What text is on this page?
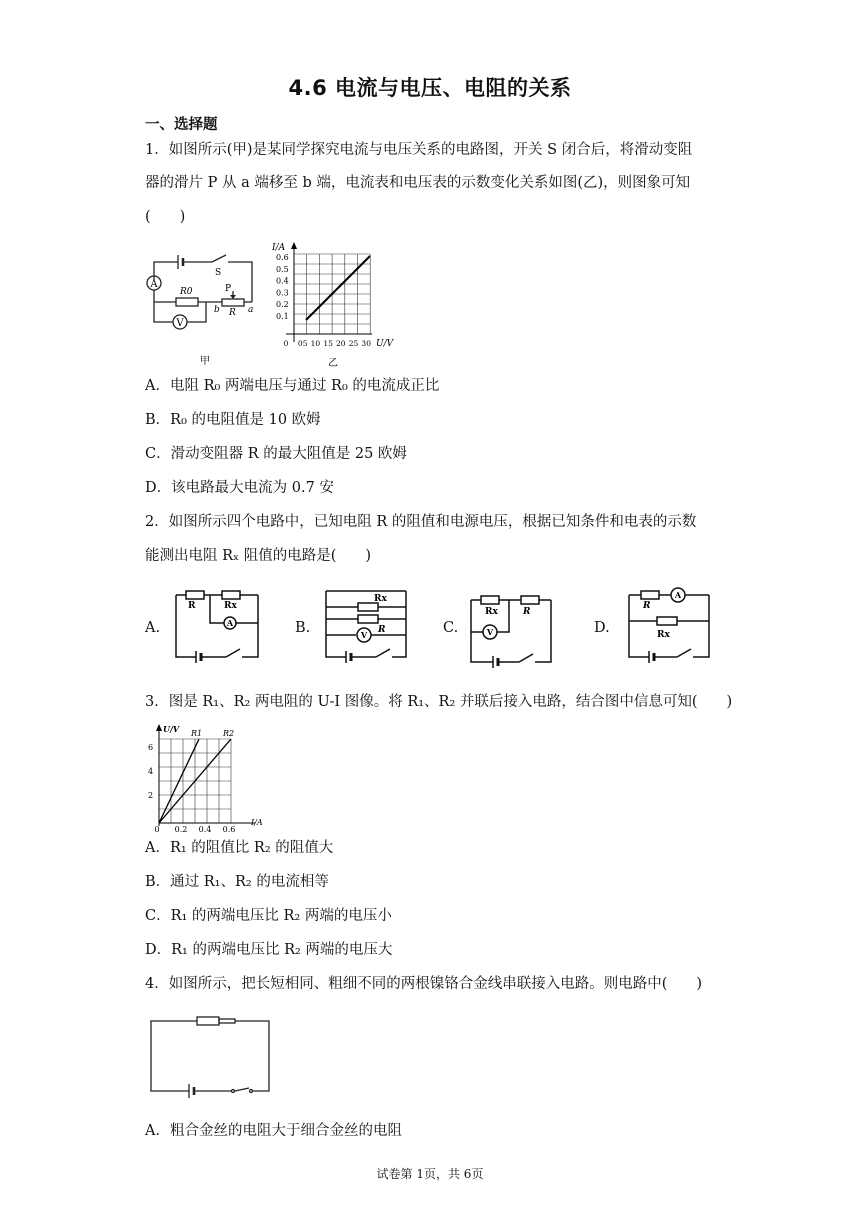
4.6 电流与电压、电阻的关系
一、选择题
1．如图所示(甲)是某同学探究电流与电压关系的电路图，开关 S 闭合后，将滑动变阻
器的滑片 P 从 a 端移至 b 端，电流表和电压表的示数变化关系如图(乙)，则图象可知
(　　)
A
V
R0
S
P
R a
b
甲
I/A
U/V
0.6
0.5
0.4
0.3
0.2
0.1
0 05 10 15 20 25 30
乙
A．电阻 R₀ 两端电压与通过 R₀ 的电流成正比
B．R₀ 的电阻值是 10 欧姆
C．滑动变阻器 R 的最大阻值是 25 欧姆
D．该电路最大电流为 0.7 安
2．如图所示四个电路中，已知电阻 R 的阻值和电源电压，根据已知条件和电表的示数
能测出电阻 Rₓ 阻值的电路是(　　)
A.
R	Rx
A	B.
Rx
R
V	C.
Rx	R
V	D.
R
A
Rx
3．图是 R₁、R₂ 两电阻的 U-I 图像。将 R₁、R₂ 并联后接入电路，结合图中信息可知(　　)
U/V
I/A
R1	R2
6
4
2
0 0.2 0.4 0.6
A．R₁ 的阻值比 R₂ 的阻值大
B．通过 R₁、R₂ 的电流相等
C．R₁ 的两端电压比 R₂ 两端的电压小
D．R₁ 的两端电压比 R₂ 两端的电压大
4．如图所示，把长短相同、粗细不同的两根镍铬合金线串联接入电路。则电路中(　　)
A．粗合金丝的电阻大于细合金丝的电阻
试卷第 1页，共 6页
